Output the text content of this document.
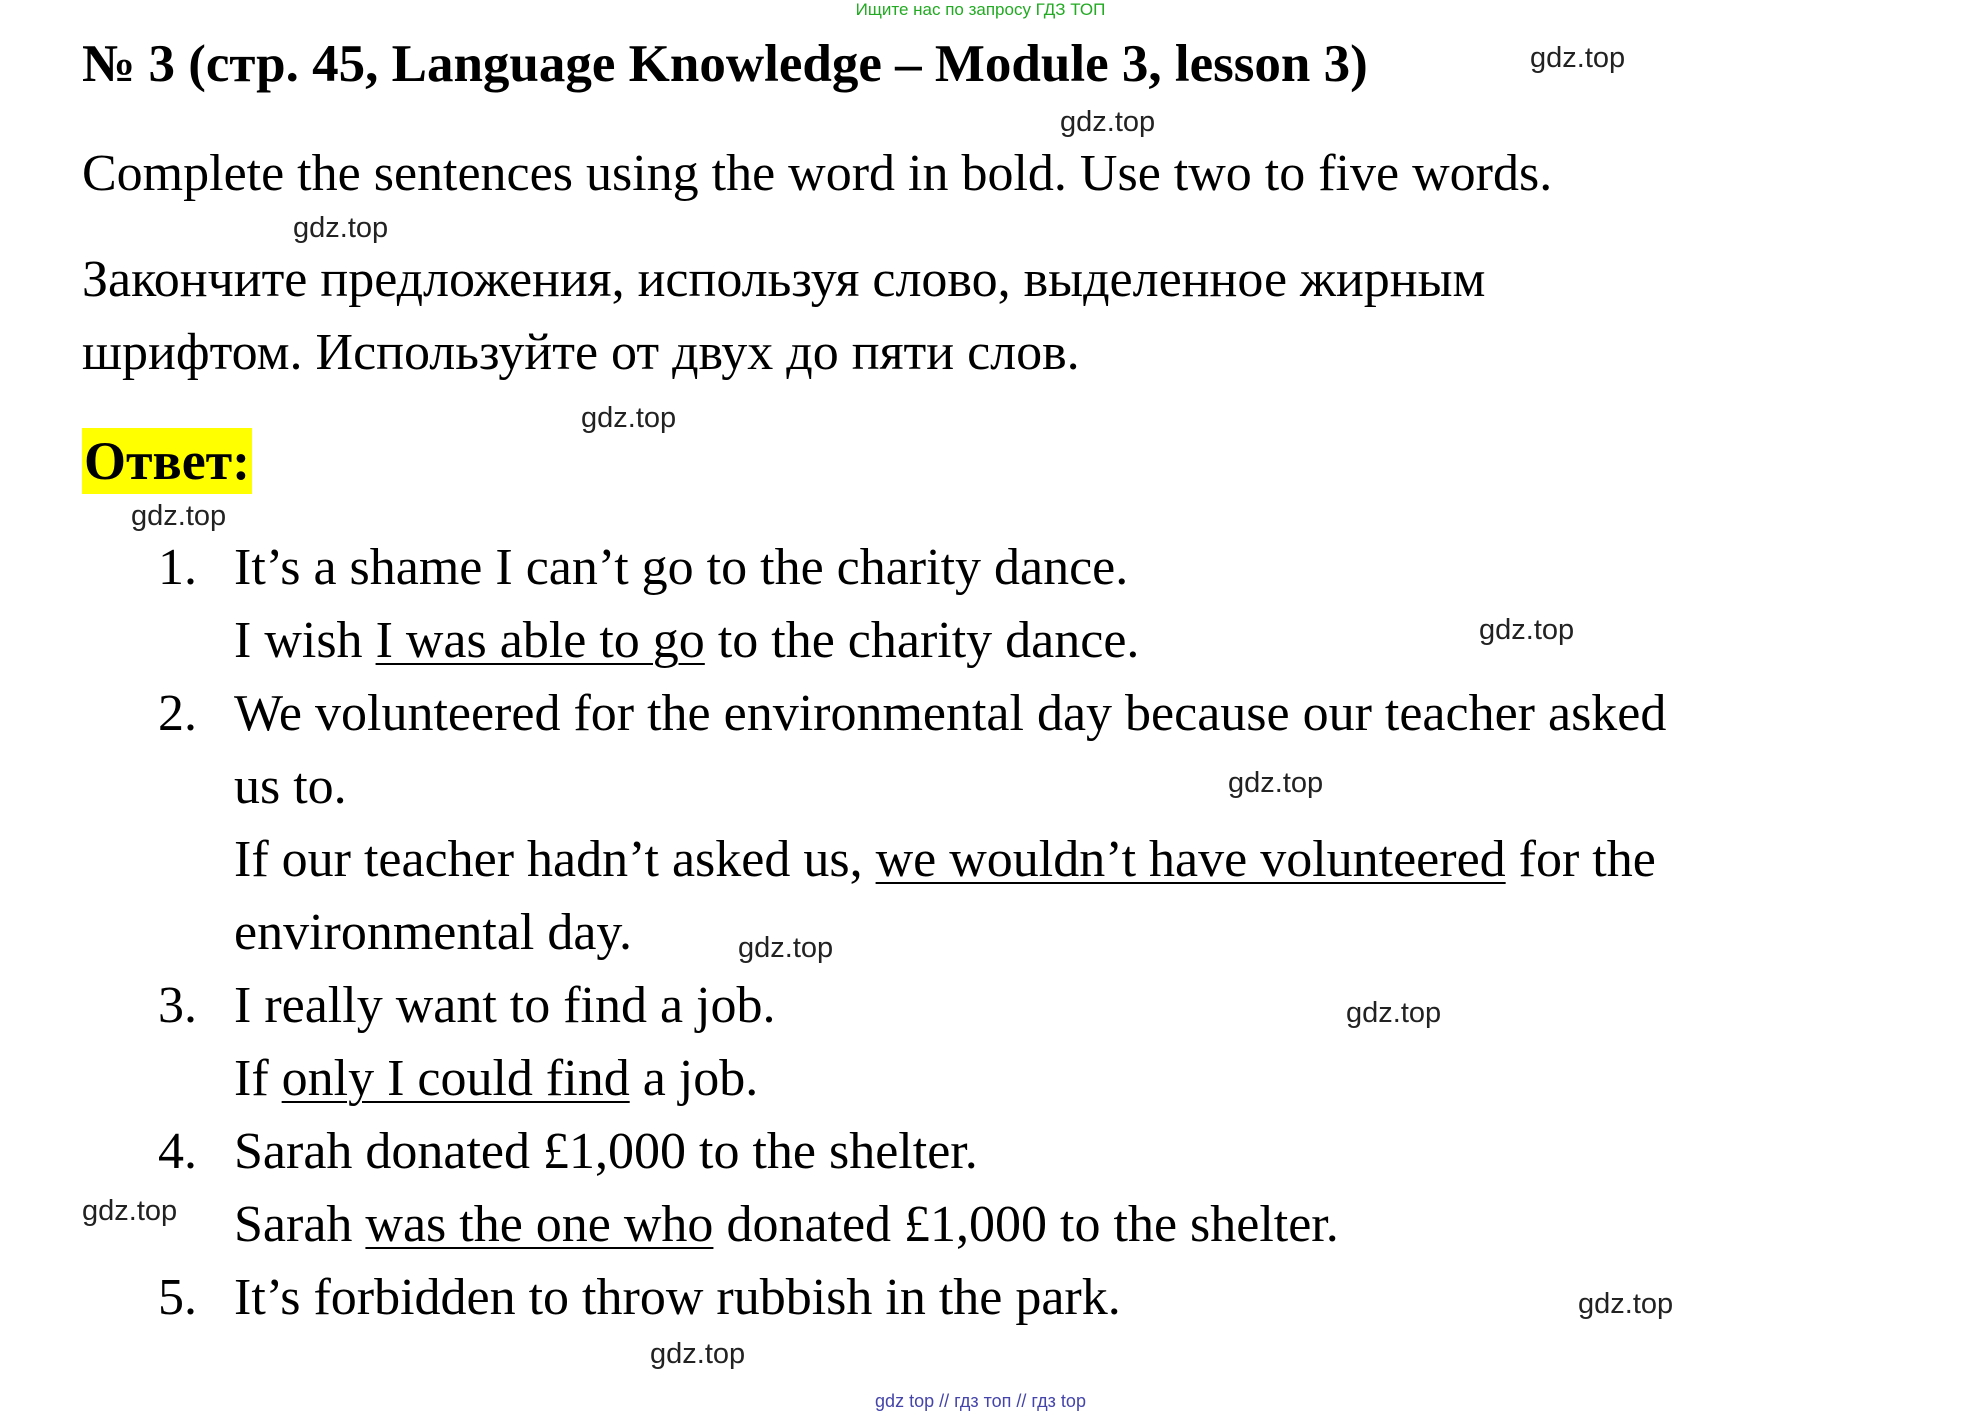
Ищите нас по запросу ГДЗ ТОП
№ 3 (стр. 45, Language Knowledge – Module 3, lesson 3)	gdz.top
gdz.top
Complete the sentences using the word in bold. Use two to five words.
gdz.top
Закончите предложения, используя слово, выделенное жирным
шрифтом. Используйте от двух до пяти слов.
gdz.top
Ответ:
gdz.top
1. It’s a shame I can’t go to the charity dance.
I wish I was able to go to the charity dance.	gdz.top
2. We volunteered for the environmental day because our teacher asked
us to.	gdz.top
If our teacher hadn’t asked us, we wouldn’t have volunteered for the
environmental day.	gdz.top
3. I really want to find a job.	gdz.top
If only I could find a job.
4. Sarah donated £1,000 to the shelter.
gdz.top Sarah was the one who donated £1,000 to the shelter.
5. It’s forbidden to throw rubbish in the park.	gdz.top
gdz.top
gdz top // гдз топ // гдз top
